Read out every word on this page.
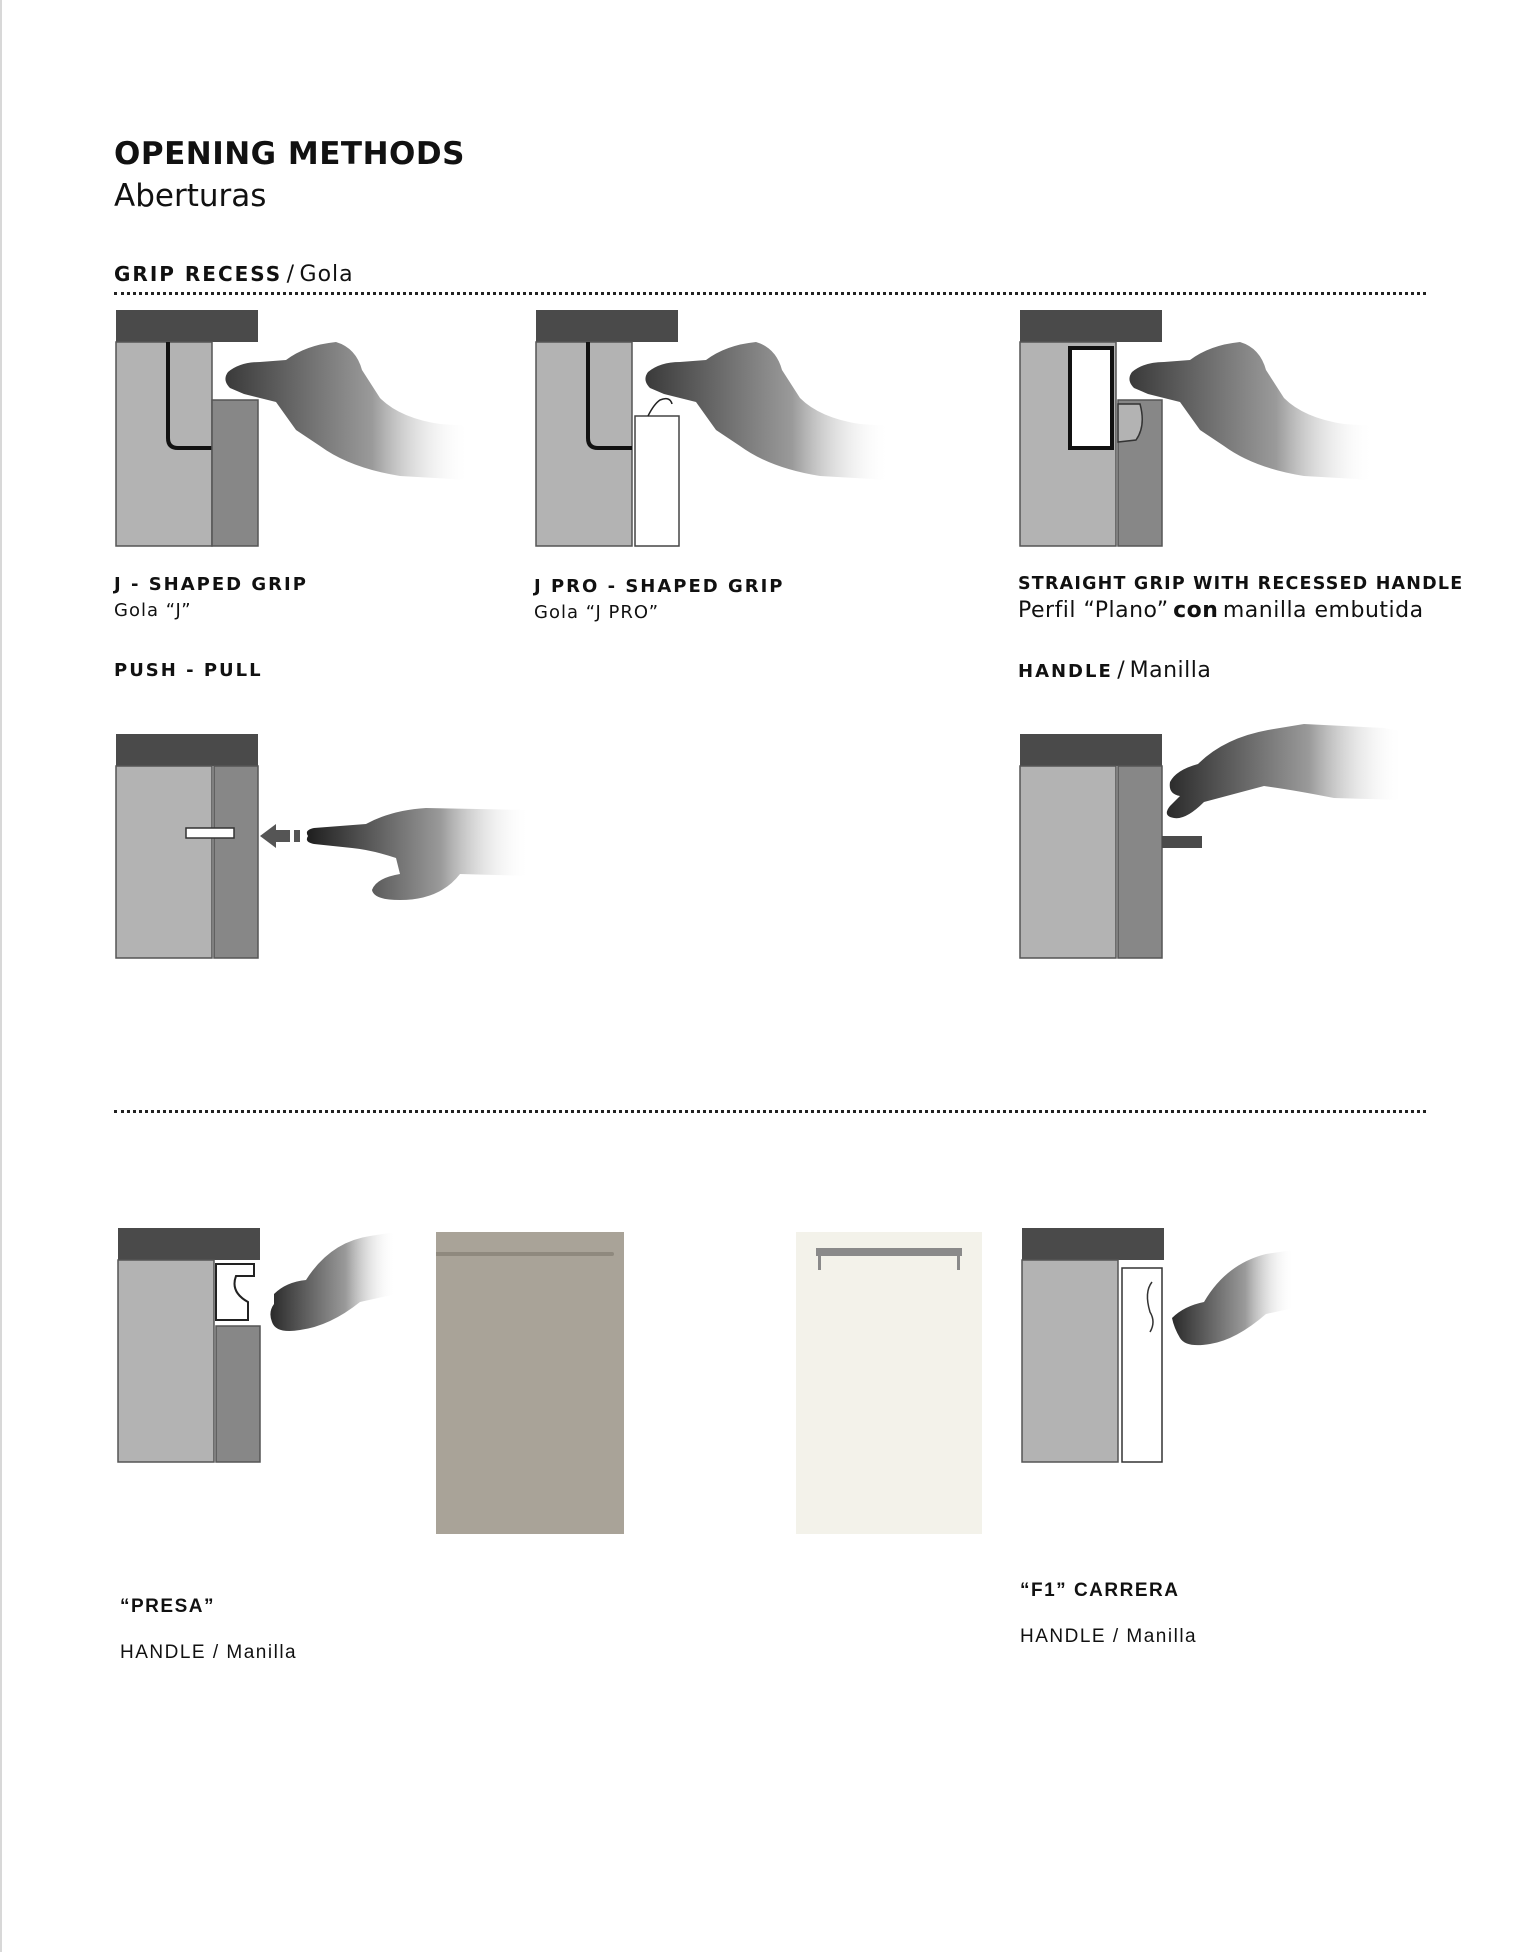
OPENING METHODS
Aberturas
GRIP RECESS / Gola
J - SHAPED GRIP
Gola “J”
J PRO - SHAPED GRIP
Gola “J PRO”
STRAIGHT GRIP WITH RECESSED HANDLE
Perfil “Plano” con manilla embutida
PUSH - PULL	HANDLE / Manilla
“PRESA”
HANDLE / Manilla
“F1” CARRERA
HANDLE / Manilla
